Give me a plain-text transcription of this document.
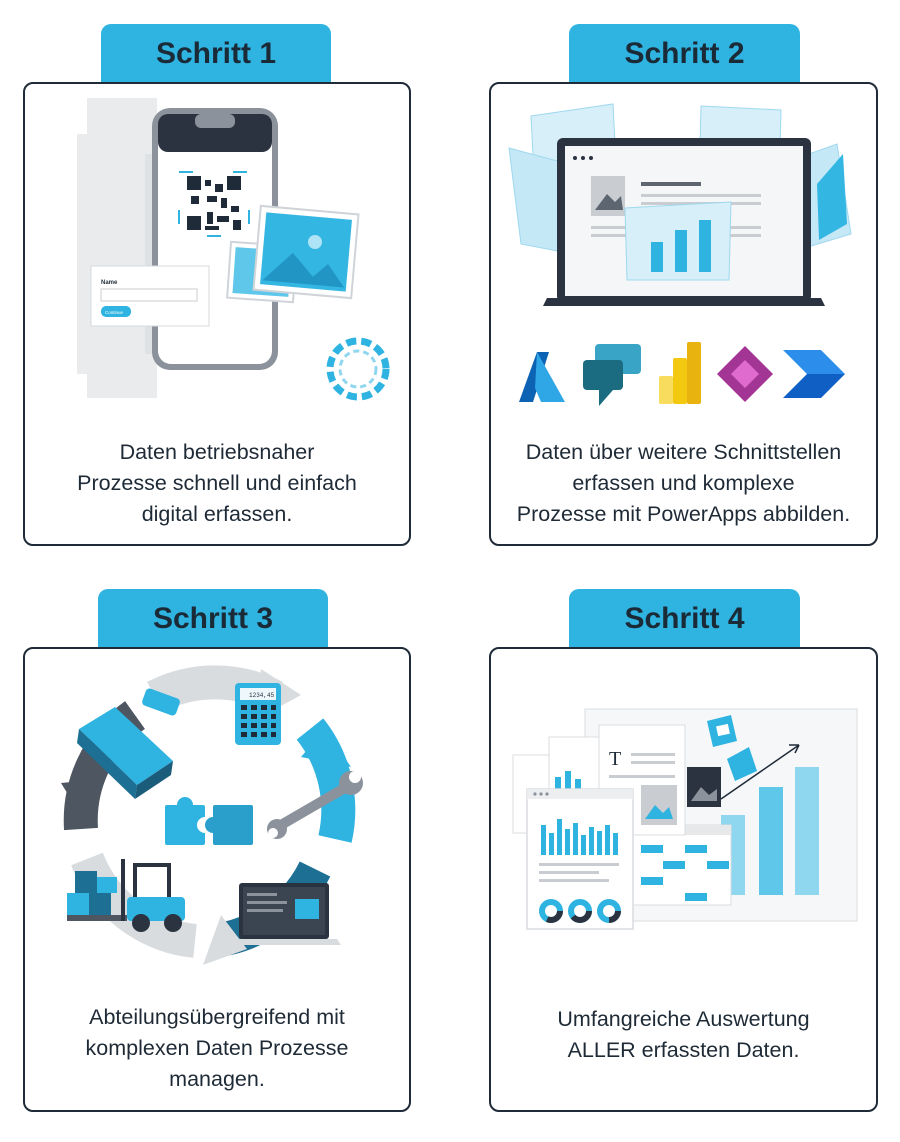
Schritt 1
Name
Continue
Daten betriebsnaher
Prozesse schnell und einfach
digital erfassen.
Schritt 2
Daten über weitere Schnittstellen
erfassen und komplexe
Prozesse mit PowerApps abbilden.
Schritt 3
1234,45
Abteilungsübergreifend mit
komplexen Daten Prozesse
managen.
Schritt 4
T
Umfangreiche Auswertung
ALLER erfassten Daten.
